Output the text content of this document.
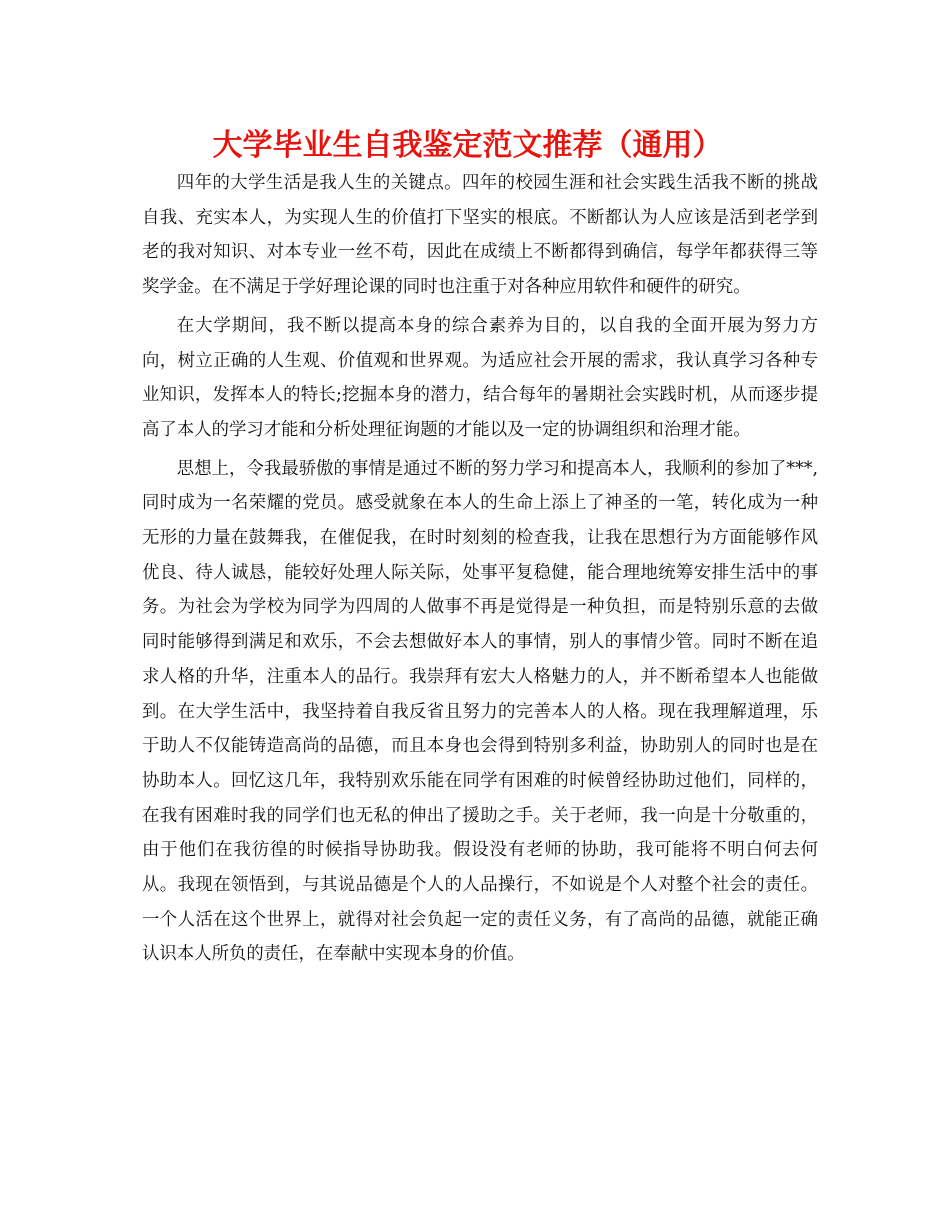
大学毕业生自我鉴定范文推荐（通用）

四年的大学生活是我人生的关键点。四年的校园生涯和社会实践生活我不断的挑战自我、充实本人，为实现人生的价值打下坚实的根底。不断都认为人应该是活到老学到老的我对知识、对本专业一丝不苟，因此在成绩上不断都得到确信，每学年都获得三等奖学金。在不满足于学好理论课的同时也注重于对各种应用软件和硬件的研究。

在大学期间，我不断以提高本身的综合素养为目的，以自我的全面开展为努力方向，树立正确的人生观、价值观和世界观。为适应社会开展的需求，我认真学习各种专业知识，发挥本人的特长;挖掘本身的潜力，结合每年的暑期社会实践时机，从而逐步提高了本人的学习才能和分析处理征询题的才能以及一定的协调组织和治理才能。

思想上，令我最骄傲的事情是通过不断的努力学习和提高本人，我顺利的参加了***, 同时成为一名荣耀的党员。感受就象在本人的生命上添上了神圣的一笔，转化成为一种无形的力量在鼓舞我，在催促我，在时时刻刻的检查我，让我在思想行为方面能够作风优良、待人诚恳，能较好处理人际关际，处事平复稳健，能合理地统筹安排生活中的事务。为社会为学校为同学为四周的人做事不再是觉得是一种负担，而是特别乐意的去做同时能够得到满足和欢乐，不会去想做好本人的事情，别人的事情少管。同时不断在追求人格的升华，注重本人的品行。我崇拜有宏大人格魅力的人，并不断希望本人也能做到。在大学生活中，我坚持着自我反省且努力的完善本人的人格。现在我理解道理，乐于助人不仅能铸造高尚的品德，而且本身也会得到特别多利益，协助别人的同时也是在协助本人。回忆这几年，我特别欢乐能在同学有困难的时候曾经协助过他们，同样的，在我有困难时我的同学们也无私的伸出了援助之手。关于老师，我一向是十分敬重的，由于他们在我彷徨的时候指导协助我。假设没有老师的协助，我可能将不明白何去何从。我现在领悟到，与其说品德是个人的人品操行，不如说是个人对整个社会的责任。一个人活在这个世界上，就得对社会负起一定的责任义务，有了高尚的品德，就能正确认识本人所负的责任，在奉献中实现本身的价值。
